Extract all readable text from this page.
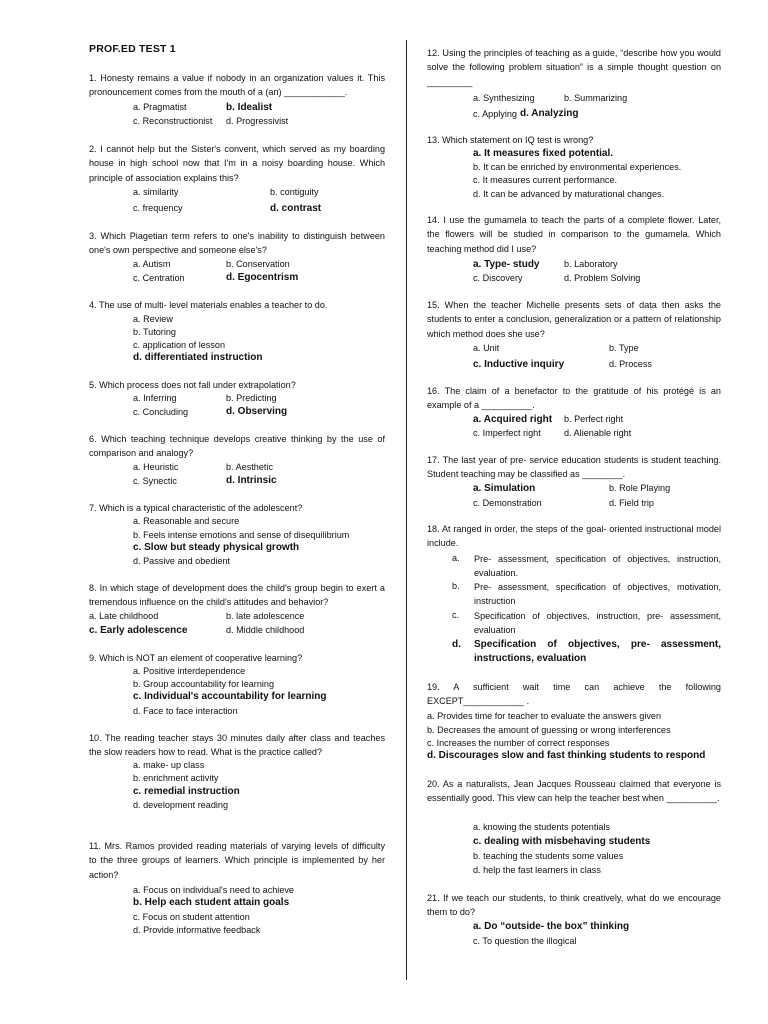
PROF.ED TEST 1

1. Honesty remains a value if nobody in an organization values it. This pronouncement comes from the mouth of a (an) ____________.

a. Pragmatist	b. Idealist
c. Reconstructionist d. Progressivist

2. I cannot help but the Sister's convent, which served as my boarding house in high school now that I'm in a noisy boarding house. Which principle of association explains this?

a. similarity	b. contiguity
c. frequency	d. contrast

3. Which Piagetian term refers to one's inability to distinguish between one's own perspective and someone else's?

a. Autism	b. Conservation
c. Centration	d. Egocentrism

4. The use of multi- level materials enables a teacher to do.

a. Review
b. Tutoring
c. application of lesson
d. differentiated instruction

5. Which process does not fall under extrapolation?

a. Inferring	b. Predicting
c. Concluding	d. Observing

6. Which teaching technique develops creative thinking by the use of comparison and analogy?

a. Heuristic	b. Aesthetic
c. Synectic	d. Intrinsic

7. Which is a typical characteristic of the adolescent?

a. Reasonable and secure
b. Feels intense emotions and sense of disequilibrium
c. Slow but steady physical growth
d. Passive and obedient

8. In which stage of development does the child's group begin to exert a tremendous influence on the child's attitudes and behavior?

a. Late childhood	b. late adolescence
c. Early adolescence	d. Middle childhood

9. Which is NOT an element of cooperative learning?

a. Positive interdependence
b. Group accountability for learning
c. Individual's accountability for learning
d. Face to face interaction

10. The reading teacher stays 30 minutes daily after class and teaches the slow readers how to read. What is the practice called?

a. make- up class
b. enrichment activity
c. remedial instruction
d. development reading

11. Mrs. Ramos provided reading materials of varying levels of difficulty to the three groups of learners. Which principle is implemented by her action?

a. Focus on individual's need to achieve
b. Help each student attain goals
c. Focus on student attention
d. Provide informative feedback

12. Using the principles of teaching as a guide, “describe how you would solve the following problem situation” is a simple thought question on _________

a. Synthesizing	b. Summarizing
c. Applying d. Analyzing

13. Which statement on IQ test is wrong?

a. It measures fixed potential.
b. It can be enriched by environmental experiences.
c. It measures current performance.
d. It can be advanced by maturational changes.

14. I use the gumamela to teach the parts of a complete flower. Later, the flowers will be studied in comparison to the gumamela. Which teaching method did I use?

a. Type- study	b. Laboratory
c. Discovery	d. Problem Solving

15. When the teacher Michelle presents sets of data then asks the students to enter a conclusion, generalization or a pattern of relationship which method does she use?

a. Unit	b. Type
c. Inductive inquiry	d. Process

16. The claim of a benefactor to the gratitude of his protégé is an example of a __________.

a. Acquired right b. Perfect right
c. Imperfect right	d. Alienable right

17. The last year of pre- service education students is student teaching. Student teaching may be classified as ________.

a. Simulation	b. Role Playing
c. Demonstration	d. Field trip

18. At ranged in order, the steps of the goal- oriented instructional model include.

a. Pre- assessment, specification of objectives, instruction, evaluation.
b. Pre- assessment, specification of objectives, motivation, instruction
c. Specification of objectives, instruction, pre- assessment, evaluation
d. Specification of objectives, pre- assessment, instructions, evaluation

19. A sufficient wait time can achieve the following EXCEPT____________ .

a. Provides time for teacher to evaluate the answers given
b. Decreases the amount of guessing or wrong interferences
c. Increases the number of correct responses
d. Discourages slow and fast thinking students to respond

20. As a naturalists, Jean Jacques Rousseau claimed that everyone is essentially good. This view can help the teacher best when __________.

a. knowing the students potentials
c. dealing with misbehaving students
b. teaching the students some values
d. help the fast learners in class

21. If we teach our students, to think creatively, what do we encourage them to do?

a. Do “outside- the box” thinking
c. To question the illogical
